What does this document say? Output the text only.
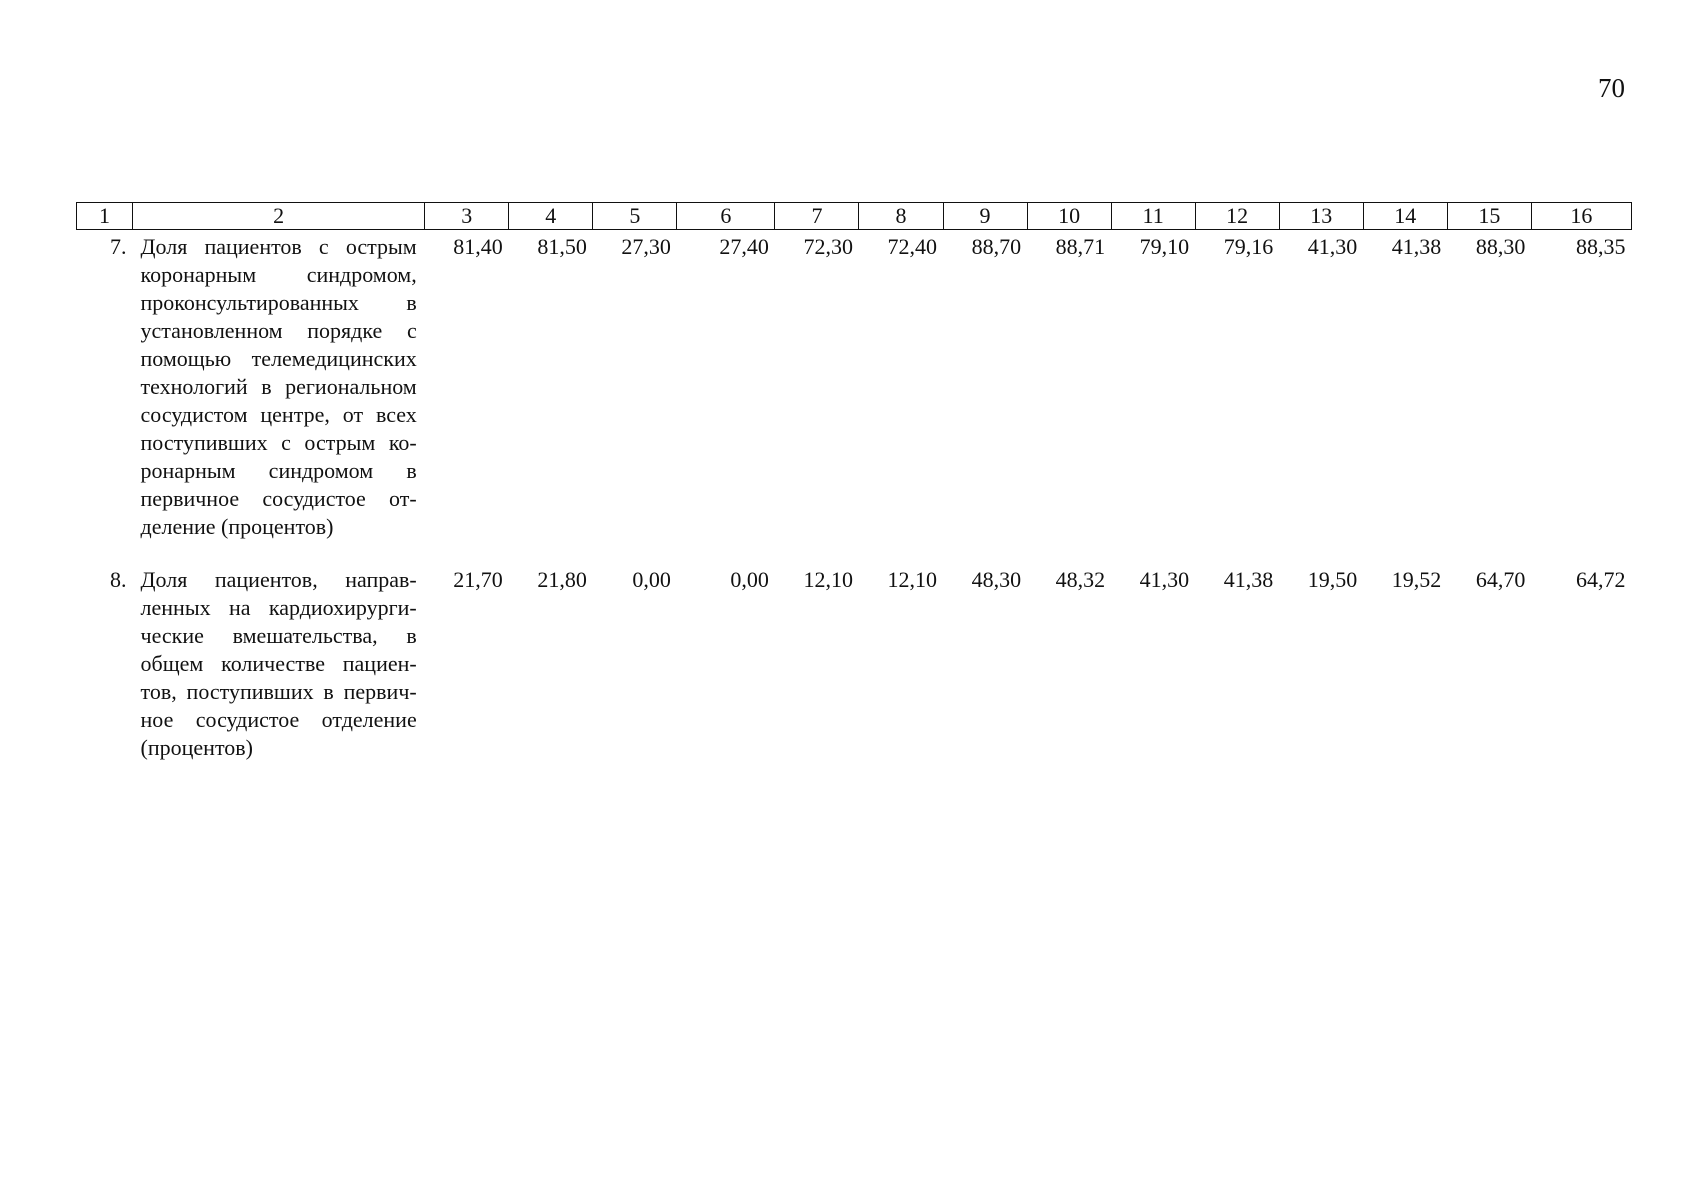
70
1	2	3	4	5	6	7	8	9	10	11	12	13	14	15	16
7.	Доля пациентов с острым коронарным синдромом, проконсультированных в установленном порядке с помощью телемедицинских технологий в региональном сосудистом центре, от всех поступивших с острым коронарным синдромом в первичное сосудистое отделение (процентов)	81,40	81,50	27,30	27,40	72,30	72,40	88,70	88,71	79,10	79,16	41,30	41,38	88,30	88,35

8.	Доля пациентов, направленных на кардиохирургические вмешательства, в общем количестве пациентов, поступивших в первичное сосудистое отделение (процентов)	21,70	21,80	0,00	0,00	12,10	12,10	48,30	48,32	41,30	41,38	19,50	19,52	64,70	64,72
